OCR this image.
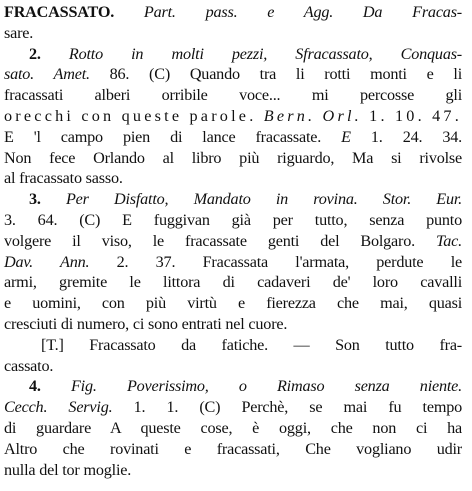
FRACASSATO. Part. pass. e Agg. Da Fracas-
sare.
2. Rotto in molti pezzi, Sfracassato, Conquas-
sato. Amet. 86. (C) Quando tra li rotti monti e li
fracassati alberi orribile voce... mi percosse gli
orecchi con queste parole. Bern. Orl. 1. 10. 47.
E 'l campo pien di lance fracassate. E 1. 24. 34.
Non fece Orlando al libro più riguardo, Ma si rivolse
al fracassato sasso.
3. Per Disfatto, Mandato in rovina. Stor. Eur.
3. 64. (C) E fuggivan già per tutto, senza punto
volgere il viso, le fracassate genti del Bolgaro. Tac.
Dav. Ann. 2. 37. Fracassata l'armata, perdute le
armi, gremite le littora di cadaveri de' loro cavalli
e uomini, con più virtù e fierezza che mai, quasi
cresciuti di numero, ci sono entrati nel cuore.
[T.] Fracassato da fatiche. — Son tutto fra-
cassato.
4. Fig. Poverissimo, o Rimaso senza niente.
Cecch. Servig. 1. 1. (C) Perchè, se mai fu tempo
di guardare A queste cose, è oggi, che non ci ha
Altro che rovinati e fracassati, Che vogliano udir
nulla del tor moglie.
